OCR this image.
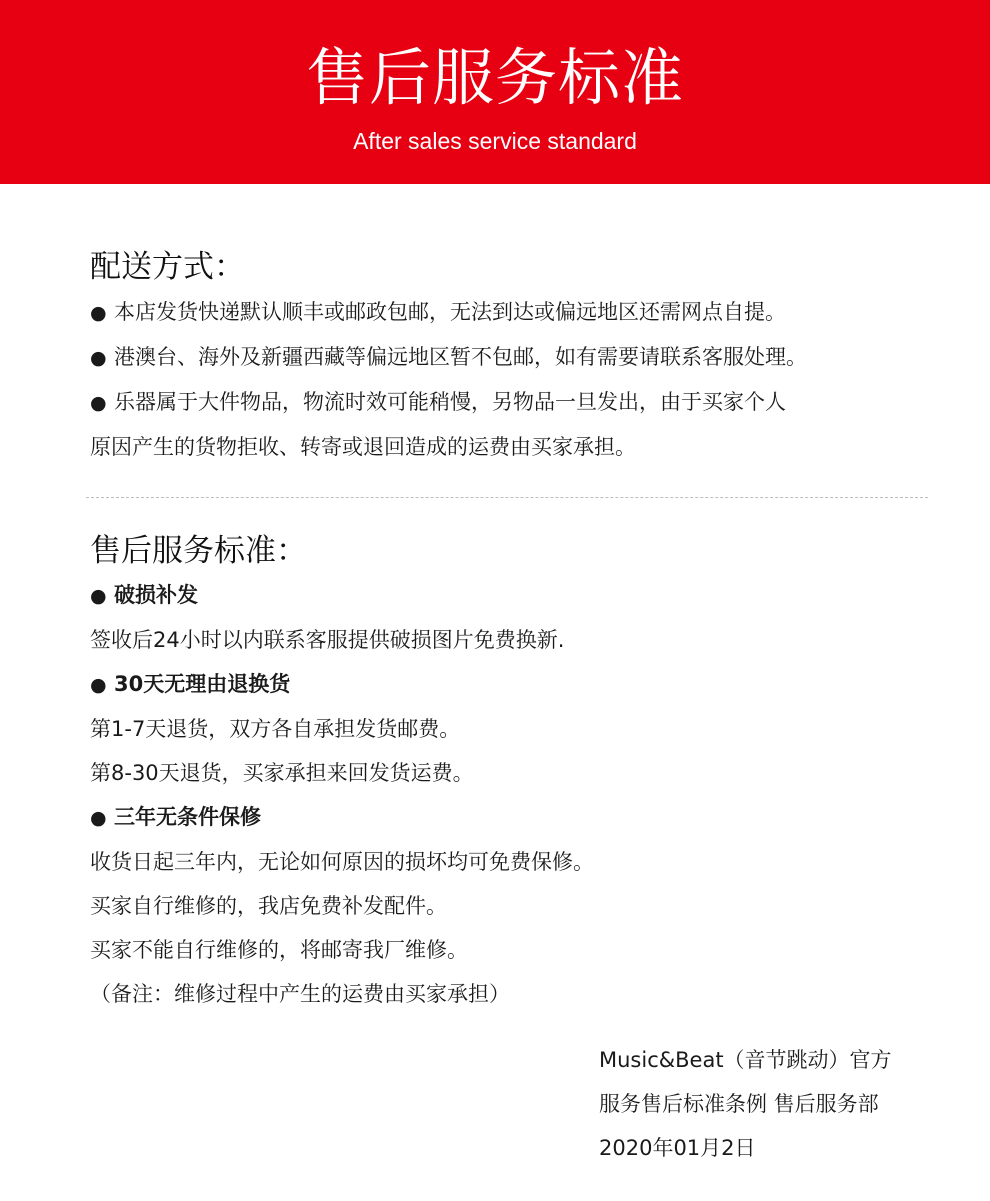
售后服务标准
After sales service standard
配送方式：
● 本店发货快递默认顺丰或邮政包邮，无法到达或偏远地区还需网点自提。
● 港澳台、海外及新疆西藏等偏远地区暂不包邮，如有需要请联系客服处理。
● 乐器属于大件物品，物流时效可能稍慢，另物品一旦发出，由于买家个人
原因产生的货物拒收、转寄或退回造成的运费由买家承担。
售后服务标准：
● 破损补发
签收后24小时以内联系客服提供破损图片免费换新.
● 30天无理由退换货
第1-7天退货，双方各自承担发货邮费。
第8-30天退货，买家承担来回发货运费。
● 三年无条件保修
收货日起三年内，无论如何原因的损坏均可免费保修。
买家自行维修的，我店免费补发配件。
买家不能自行维修的，将邮寄我厂维修。
（备注：维修过程中产生的运费由买家承担）
Music&Beat（音节跳动）官方
服务售后标准条例 售后服务部
2020年01月2日
